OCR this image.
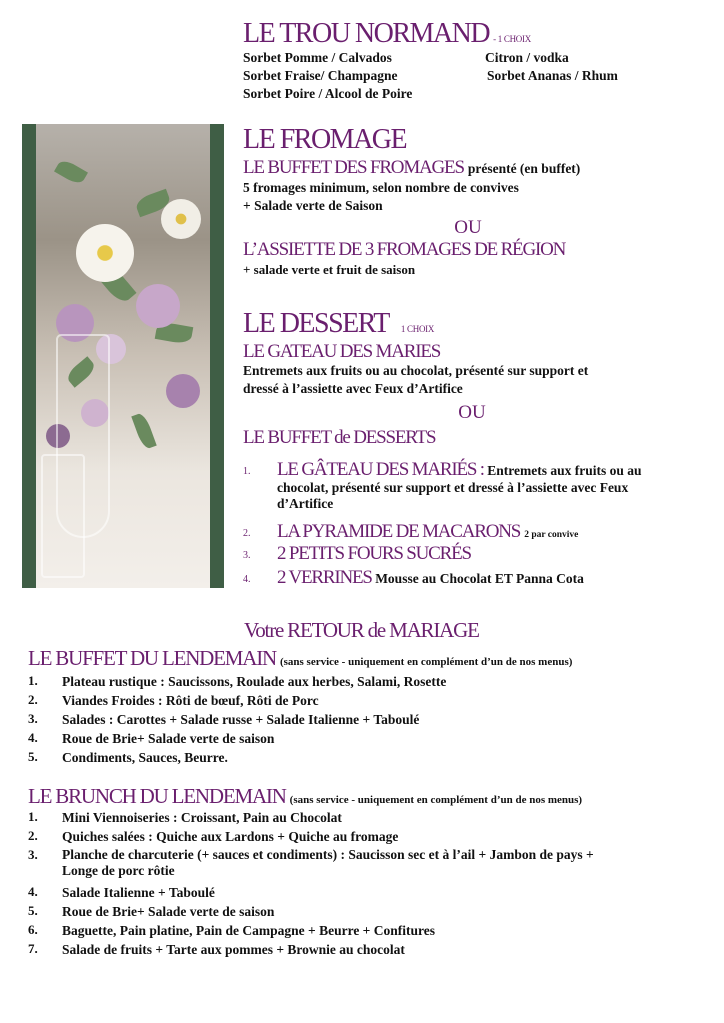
LE TROU NORMAND - 1 CHOIX
Sorbet Pomme / Calvados
Sorbet Fraise/ Champagne
Sorbet Poire / Alcool de Poire
Citron / vodka
Sorbet Ananas / Rhum
LE FROMAGE
LE BUFFET DES FROMAGES présenté (en buffet)
5 fromages minimum, selon nombre de convives
+ Salade verte de Saison
OU
L’ASSIETTE DE 3 FROMAGES DE RÉGION
+ salade verte et fruit de saison
LE DESSERT 1 CHOIX
LE GATEAU DES MARIES
Entremets aux fruits ou au chocolat, présenté sur support et
dressé à l’assiette avec Feux d’Artifice
OU
LE BUFFET de DESSERTS
1. LE GÂTEAU DES MARIÉS : Entremets aux fruits ou au
chocolat, présenté sur support et dressé à l’assiette avec Feux
d’Artifice
2. LA PYRAMIDE DE MACARONS 2 par convive
3. 2 PETITS FOURS SUCRÉS
4. 2 VERRINES Mousse au Chocolat ET Panna Cota
Votre RETOUR de MARIAGE
LE BUFFET DU LENDEMAIN (sans service - uniquement en complément d’un de nos menus)
1. Plateau rustique : Saucissons, Roulade aux herbes, Salami, Rosette
2. Viandes Froides : Rôti de bœuf, Rôti de Porc
3. Salades : Carottes + Salade russe + Salade Italienne + Taboulé
4. Roue de Brie+ Salade verte de saison
5. Condiments, Sauces, Beurre.
LE BRUNCH DU LENDEMAIN (sans service - uniquement en complément d’un de nos menus)
1. Mini Viennoiseries : Croissant, Pain au Chocolat
2. Quiches salées : Quiche aux Lardons + Quiche au fromage
3. Planche de charcuterie (+ sauces et condiments) : Saucisson sec et à l’ail + Jambon de pays +
Longe de porc rôtie
4. Salade Italienne + Taboulé
5. Roue de Brie+ Salade verte de saison
6. Baguette, Pain platine, Pain de Campagne + Beurre + Confitures
7. Salade de fruits + Tarte aux pommes + Brownie au chocolat
